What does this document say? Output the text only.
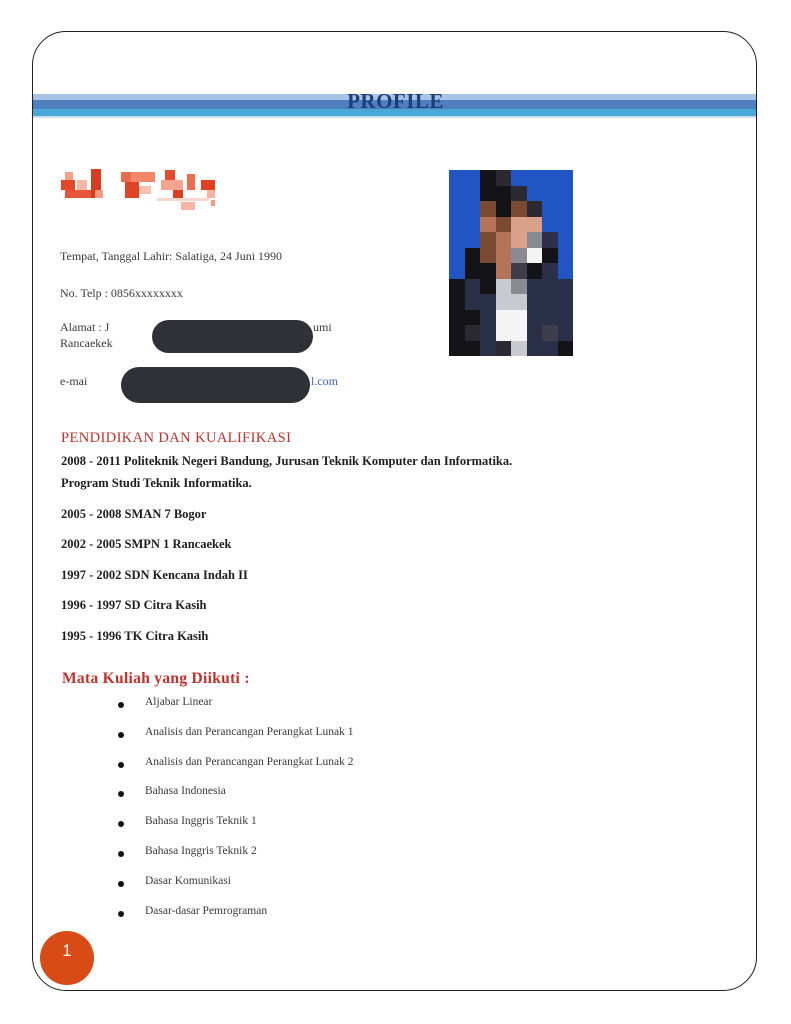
PROFILE
Tempat, Tanggal Lahir: Salatiga, 24 Juni 1990
No. Telp : 0856xxxxxxxx
Alamat : J	umi
Rancaekek
e-mai	l.com
PENDIDIKAN DAN KUALIFIKASI
2008 - 2011 Politeknik Negeri Bandung, Jurusan Teknik Komputer dan Informatika.
Program Studi Teknik Informatika.
2005 - 2008 SMAN 7 Bogor
2002 - 2005 SMPN 1 Rancaekek
1997 - 2002 SDN Kencana Indah II
1996 - 1997 SD Citra Kasih
1995 - 1996 TK Citra Kasih
Mata Kuliah yang Diikuti :
Aljabar Linear
Analisis dan Perancangan Perangkat Lunak 1
Analisis dan Perancangan Perangkat Lunak 2
Bahasa Indonesia
Bahasa Inggris Teknik 1
Bahasa Inggris Teknik 2
Dasar Komunikasi
Dasar-dasar Pemrograman
1
